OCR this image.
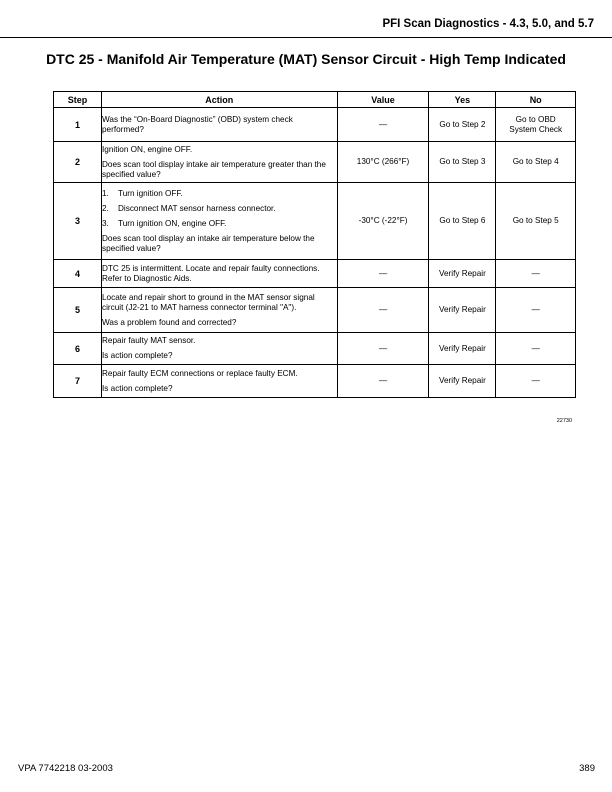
PFI Scan Diagnostics - 4.3, 5.0, and 5.7
DTC 25 - Manifold Air Temperature (MAT) Sensor Circuit - High Temp Indicated
Step	Action	Value	Yes	No
1	Was the “On-Board Diagnostic” (OBD) system check performed?	—	Go to Step 2	Go to OBD System Check
2	Ignition ON, engine OFF.
Does scan tool display intake air temperature greater than the specified value?	130°C (266°F)	Go to Step 3	Go to Step 4
3	1. Turn ignition OFF.
2. Disconnect MAT sensor harness connector.
3. Turn ignition ON, engine OFF.
Does scan tool display an intake air temperature below the specified value?	-30°C (-22°F)	Go to Step 6	Go to Step 5
4	DTC 25 is intermittent. Locate and repair faulty connections. Refer to Diagnostic Aids.	—	Verify Repair	—
5	Locate and repair short to ground in the MAT sensor signal circuit (J2-21 to MAT harness connector terminal "A").
Was a problem found and corrected?	—	Verify Repair	—
6	Repair faulty MAT sensor.
Is action complete?	—	Verify Repair	—
7	Repair faulty ECM connections or replace faulty ECM.
Is action complete?	—	Verify Repair	—
22730
VPA 7742218 03-2003	389
